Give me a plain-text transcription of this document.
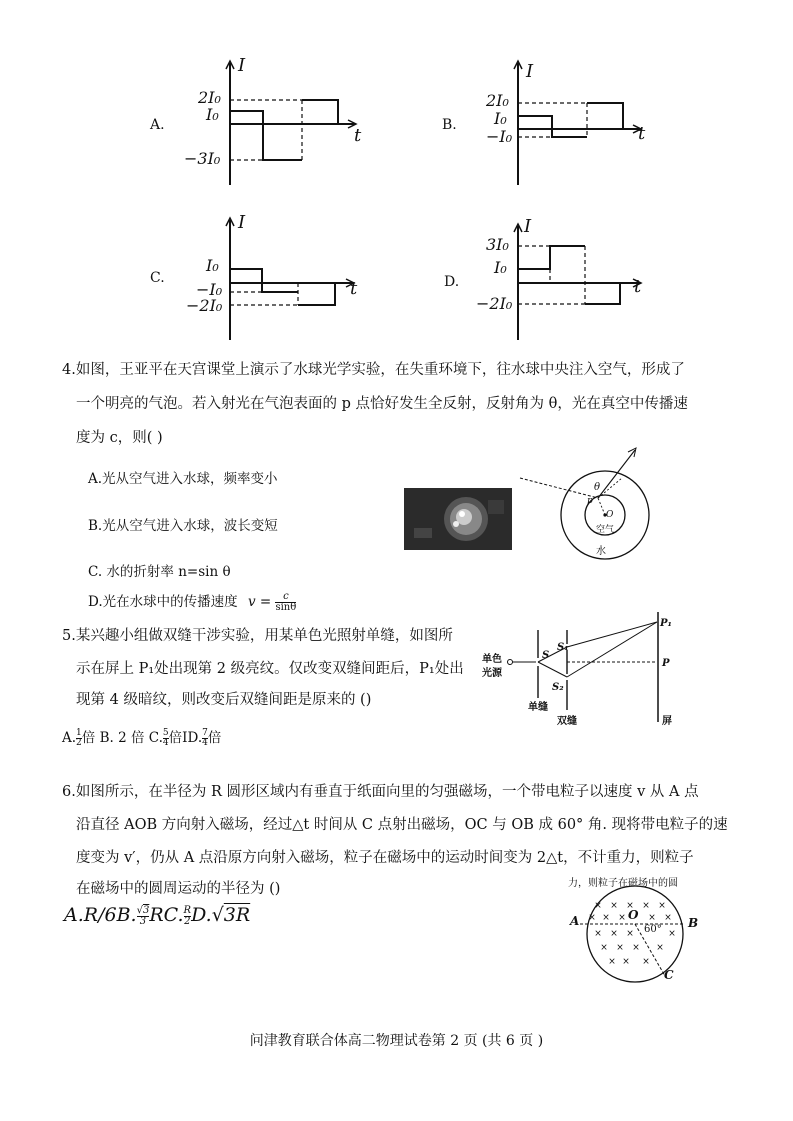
A.
I
t
2I₀
I₀
−3I₀
B.
I
t
2I₀
I₀
−I₀
C.
I
t
I₀
−I₀
−2I₀
D.
I
t
3I₀
I₀
−2I₀
4.如图，王亚平在天宫课堂上演示了水球光学实验，在失重环境下，往水球中央注入空气，形成了
一个明亮的气泡。若入射光在气泡表面的 p 点恰好发生全反射，反射角为 θ，光在真空中传播速
度为 c，则( )
A.光从空气进入水球，频率变小
B.光从空气进入水球，波长变短
C. 水的折射率 n=sin θ
D.光在水球中的传播速度 $v = \frac{c}{\sin\theta}$
θ
p
O
空气
水
5.某兴趣小组做双缝干涉实验，用某单色光照射单缝，如图所
示在屏上 P₁处出现第 2 级亮纹。仅改变双缝间距后，P₁处出
现第 4 级暗纹，则改变后双缝间距是原来的 ()
A. $\frac{1}{2}$ 倍 B. 2 倍 C. $\frac{5}{4}$ 倍ID. $\frac{7}{4}$ 倍
单色
光源
S
S₁
S₂
P₁
P
单缝
双缝	屏
6.如图所示，在半径为 R 圆形区域内有垂直于纸面向里的匀强磁场，一个带电粒子以速度 v 从 A 点
沿直径 AOB 方向射入磁场，经过△t 时间从 C 点射出磁场，OC 与 OB 成 60° 角. 现将带电粒子的速
度变为 v′，仍从 A 点沿原方向射入磁场，粒子在磁场中的运动时间变为 2△t，不计重力，则粒子
在磁场中的圆周运动的半径为 ()
A.R/6B. $\frac{√3}{3}$ RC. $\frac{R}{2} D.√3R$
力，则粒子在磁场中的圆
× × × × ×
× × × × ×
× × ×	×
× × × ×
× × ×
A	B
O
60°
C
问津教育联合体高二物理试卷第 2 页 (共 6 页 )
